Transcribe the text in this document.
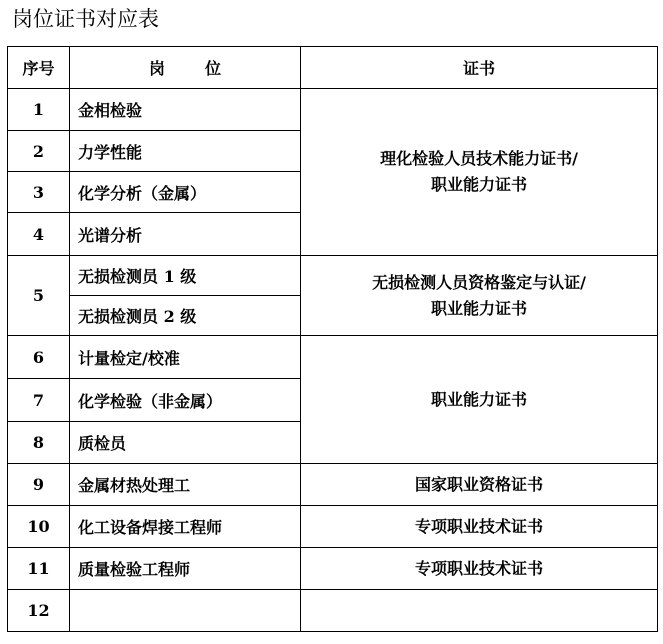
岗位证书对应表
序号	岗 位	证书
1	金相检验	理化检验人员技术能力证书/
职业能力证书

2	力学性能	
3	化学分析（金属）	
4	光谱分析	
5	无损检测员 1 级	无损检测人员资格鉴定与认证/
职业能力证书

	无损检测员 2 级	
6	计量检定/校准	职业能力证书
7	化学检验（非金属）	
8	质检员	
9	金属材热处理工	国家职业资格证书
10	化工设备焊接工程师	专项职业技术证书
11	质量检验工程师	专项职业技术证书
12		
